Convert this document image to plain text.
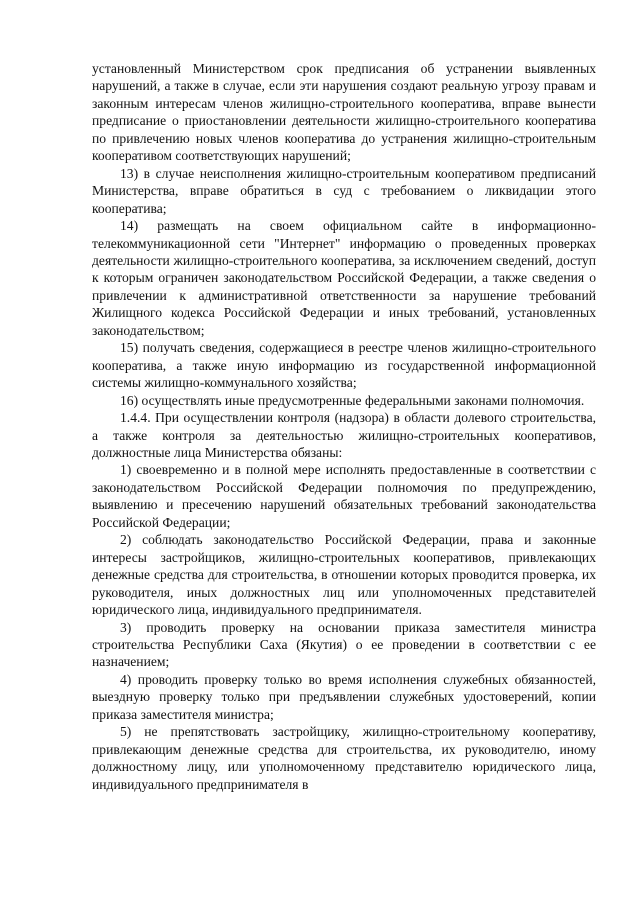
установленный Министерством срок предписания об устранении выявленных нарушений, а также в случае, если эти нарушения создают реальную угрозу правам и законным интересам членов жилищно-строительного кооператива, вправе вынести предписание о приостановлении деятельности жилищно-строительного кооператива по привлечению новых членов кооператива до устранения жилищно-строительным кооперативом соответствующих нарушений;

13) в случае неисполнения жилищно-строительным кооперативом предписаний Министерства, вправе обратиться в суд с требованием о ликвидации этого кооператива;

14) размещать на своем официальном сайте в информационно-телекоммуникационной сети "Интернет" информацию о проведенных проверках деятельности жилищно-строительного кооператива, за исключением сведений, доступ к которым ограничен законодательством Российской Федерации, а также сведения о привлечении к административной ответственности за нарушение требований Жилищного кодекса Российской Федерации и иных требований, установленных законодательством;

15) получать сведения, содержащиеся в реестре членов жилищно-строительного кооператива, а также иную информацию из государственной информационной системы жилищно-коммунального хозяйства;

16) осуществлять иные предусмотренные федеральными законами полномочия.

1.4.4. При осуществлении контроля (надзора) в области долевого строительства, а также контроля за деятельностью жилищно-строительных кооперативов, должностные лица Министерства обязаны:

1) своевременно и в полной мере исполнять предоставленные в соответствии с законодательством Российской Федерации полномочия по предупреждению, выявлению и пресечению нарушений обязательных требований законодательства Российской Федерации;

2) соблюдать законодательство Российской Федерации, права и законные интересы застройщиков, жилищно-строительных кооперативов, привлекающих денежные средства для строительства, в отношении которых проводится проверка, их руководителя, иных должностных лиц или уполномоченных представителей юридического лица, индивидуального предпринимателя.

3) проводить проверку на основании приказа заместителя министра строительства Республики Саха (Якутия) о ее проведении в соответствии с ее назначением;

4) проводить проверку только во время исполнения служебных обязанностей, выездную проверку только при предъявлении служебных удостоверений, копии приказа заместителя министра;

5) не препятствовать застройщику, жилищно-строительному кооперативу, привлекающим денежные средства для строительства, их руководителю, иному должностному лицу, или уполномоченному представителю юридического лица, индивидуального предпринимателя в
